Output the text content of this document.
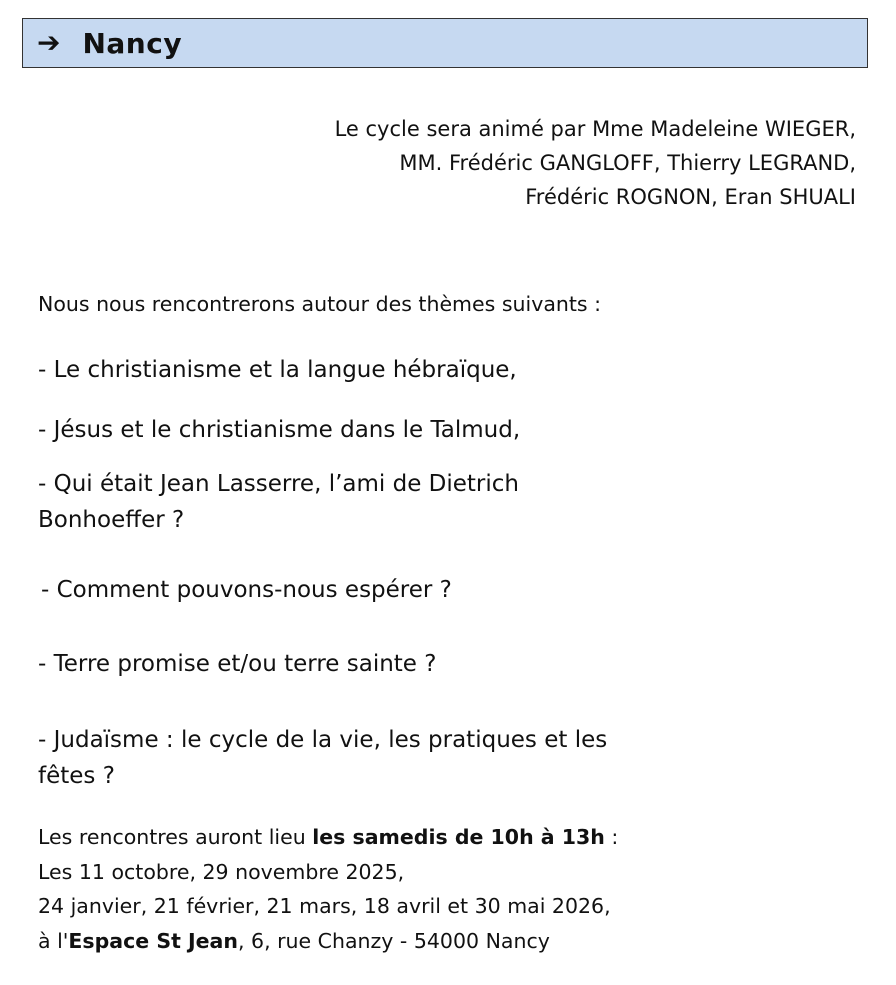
➔ Nancy
Le cycle sera animé par Mme Madeleine WIEGER,
MM. Frédéric GANGLOFF, Thierry LEGRAND,
Frédéric ROGNON, Eran SHUALI
Nous nous rencontrerons autour des thèmes suivants :
- Le christianisme et la langue hébraïque,
- Jésus et le christianisme dans le Talmud,
- Qui était Jean Lasserre, l’ami de Dietrich
Bonhoeffer ?
- Comment pouvons-nous espérer ?
- Terre promise et/ou terre sainte ?
- Judaïsme : le cycle de la vie, les pratiques et les
fêtes ?
Les rencontres auront lieu les samedis de 10h à 13h :
Les 11 octobre, 29 novembre 2025,
24 janvier, 21 février, 21 mars, 18 avril et 30 mai 2026,
à l'Espace St Jean, 6, rue Chanzy - 54000 Nancy
